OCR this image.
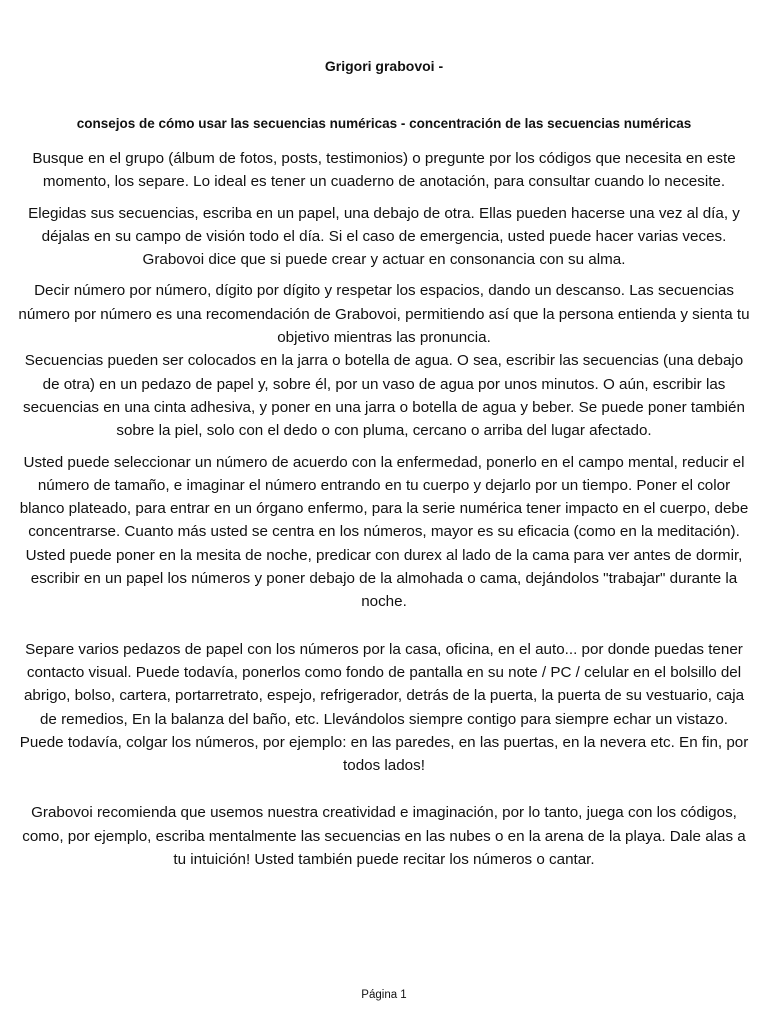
Grigori grabovoi -
consejos de cómo usar las secuencias numéricas - concentración de las secuencias numéricas

Busque en el grupo (álbum de fotos, posts, testimonios) o pregunte por los códigos que necesita en este momento, los separe. Lo ideal es tener un cuaderno de anotación, para consultar cuando lo necesite.

Elegidas sus secuencias, escriba en un papel, una debajo de otra. Ellas pueden hacerse una vez al día, y déjalas en su campo de visión todo el día. Si el caso de emergencia, usted puede hacer varias veces. Grabovoi dice que si puede crear y actuar en consonancia con su alma.

Decir número por número, dígito por dígito y respetar los espacios, dando un descanso. Las secuencias número por número es una recomendación de Grabovoi, permitiendo así que la persona entienda y sienta tu objetivo mientras las pronuncia.

Secuencias pueden ser colocados en la jarra o botella de agua. O sea, escribir las secuencias (una debajo de otra) en un pedazo de papel y, sobre él, por un vaso de agua por unos minutos. O aún, escribir las secuencias en una cinta adhesiva, y poner en una jarra o botella de agua y beber. Se puede poner también sobre la piel, solo con el dedo o con pluma, cercano o arriba del lugar afectado.

Usted puede seleccionar un número de acuerdo con la enfermedad, ponerlo en el campo mental, reducir el número de tamaño, e imaginar el número entrando en tu cuerpo y dejarlo por un tiempo. Poner el color blanco plateado, para entrar en un órgano enfermo, para la serie numérica tener impacto en el cuerpo, debe concentrarse. Cuanto más usted se centra en los números, mayor es su eficacia (como en la meditación). Usted puede poner en la mesita de noche, predicar con durex al lado de la cama para ver antes de dormir, escribir en un papel los números y poner debajo de la almohada o cama, dejándolos "trabajar" durante la noche.

Separe varios pedazos de papel con los números por la casa, oficina, en el auto... por donde puedas tener contacto visual. Puede todavía, ponerlos como fondo de pantalla en su note / PC / celular en el bolsillo del abrigo, bolso, cartera, portarretrato, espejo, refrigerador, detrás de la puerta, la puerta de su vestuario, caja de remedios, En la balanza del baño, etc. Llevándolos siempre contigo para siempre echar un vistazo. Puede todavía, colgar los números, por ejemplo: en las paredes, en las puertas, en la nevera etc. En fin, por todos lados!

Grabovoi recomienda que usemos nuestra creatividad e imaginación, por lo tanto, juega con los códigos, como, por ejemplo, escriba mentalmente las secuencias en las nubes o en la arena de la playa. Dale alas a tu intuición! Usted también puede recitar los números o cantar.

Página 1
